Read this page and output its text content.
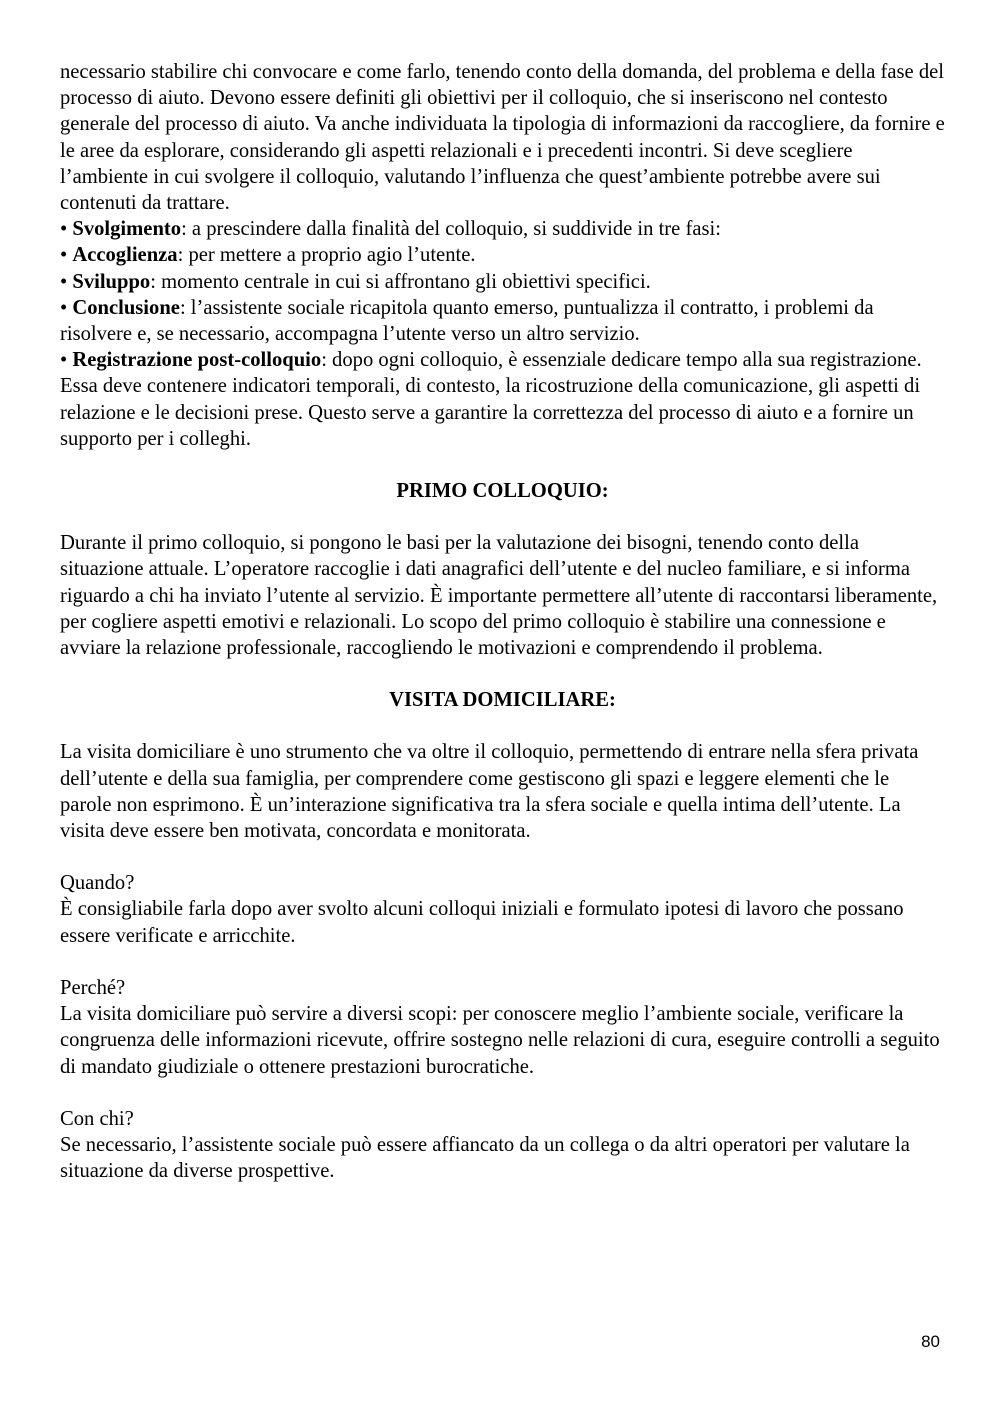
necessario stabilire chi convocare e come farlo, tenendo conto della domanda, del problema e della fase del processo di aiuto. Devono essere definiti gli obiettivi per il colloquio, che si inseriscono nel contesto generale del processo di aiuto. Va anche individuata la tipologia di informazioni da raccogliere, da fornire e le aree da esplorare, considerando gli aspetti relazionali e i precedenti incontri. Si deve scegliere l’ambiente in cui svolgere il colloquio, valutando l’influenza che quest’ambiente potrebbe avere sui contenuti da trattare.

• Svolgimento: a prescindere dalla finalità del colloquio, si suddivide in tre fasi:

• Accoglienza: per mettere a proprio agio l’utente.

• Sviluppo: momento centrale in cui si affrontano gli obiettivi specifici.

• Conclusione: l’assistente sociale ricapitola quanto emerso, puntualizza il contratto, i problemi da risolvere e, se necessario, accompagna l’utente verso un altro servizio.

• Registrazione post-colloquio: dopo ogni colloquio, è essenziale dedicare tempo alla sua registrazione. Essa deve contenere indicatori temporali, di contesto, la ricostruzione della comunicazione, gli aspetti di relazione e le decisioni prese. Questo serve a garantire la correttezza del processo di aiuto e a fornire un supporto per i colleghi.

PRIMO COLLOQUIO:

Durante il primo colloquio, si pongono le basi per la valutazione dei bisogni, tenendo conto della situazione attuale. L’operatore raccoglie i dati anagrafici dell’utente e del nucleo familiare, e si informa riguardo a chi ha inviato l’utente al servizio. È importante permettere all’utente di raccontarsi liberamente, per cogliere aspetti emotivi e relazionali. Lo scopo del primo colloquio è stabilire una connessione e avviare la relazione professionale, raccogliendo le motivazioni e comprendendo il problema.

VISITA DOMICILIARE:

La visita domiciliare è uno strumento che va oltre il colloquio, permettendo di entrare nella sfera privata dell’utente e della sua famiglia, per comprendere come gestiscono gli spazi e leggere elementi che le parole non esprimono. È un’interazione significativa tra la sfera sociale e quella intima dell’utente. La visita deve essere ben motivata, concordata e monitorata.

Quando?

È consigliabile farla dopo aver svolto alcuni colloqui iniziali e formulato ipotesi di lavoro che possano essere verificate e arricchite.

Perché?

La visita domiciliare può servire a diversi scopi: per conoscere meglio l’ambiente sociale, verificare la congruenza delle informazioni ricevute, offrire sostegno nelle relazioni di cura, eseguire controlli a seguito di mandato giudiziale o ottenere prestazioni burocratiche.

Con chi?

Se necessario, l’assistente sociale può essere affiancato da un collega o da altri operatori per valutare la situazione da diverse prospettive.

80
